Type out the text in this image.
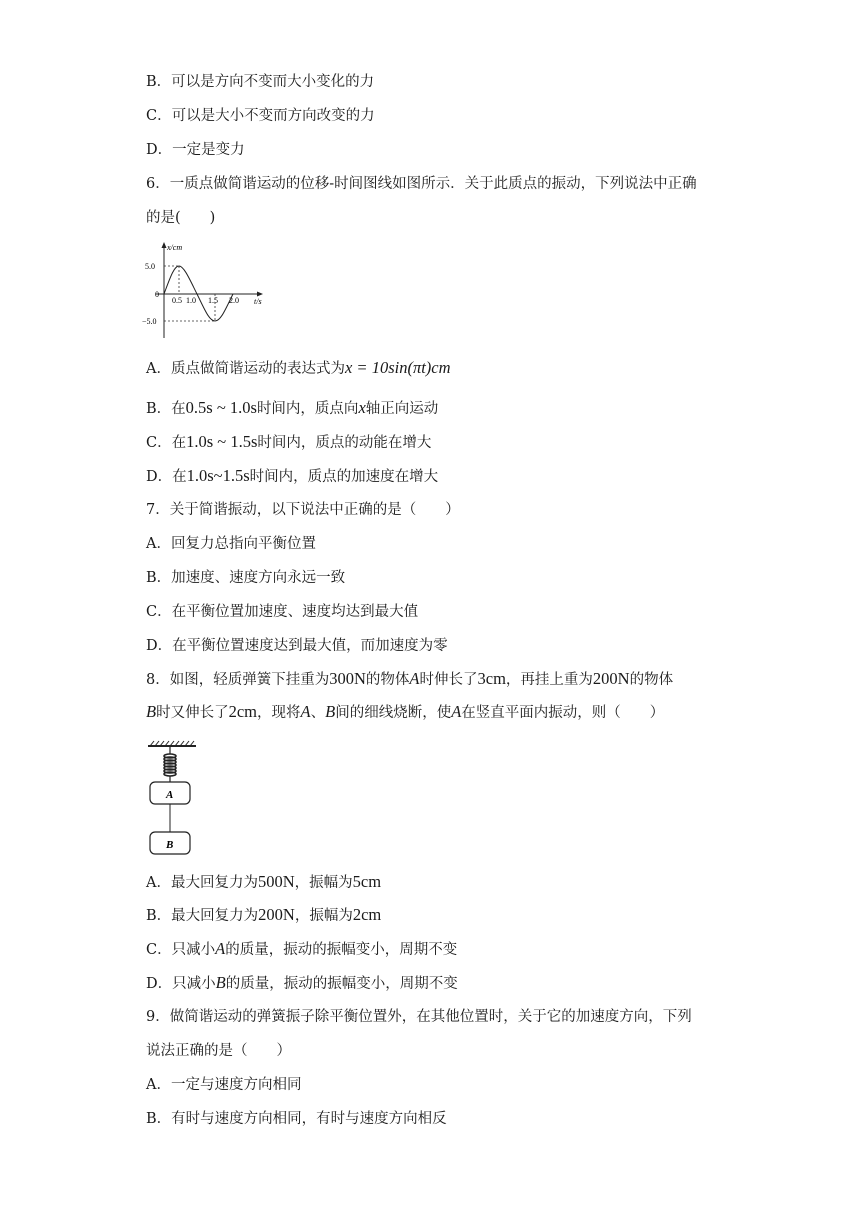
B．可以是方向不变而大小变化的力
C．可以是大小不变而方向改变的力
D．一定是变力
6．一质点做简谐运动的位移-时间图线如图所示．关于此质点的振动，下列说法中正确
的是(　　)
x/cm
t/s
5.0
0
−5.0
0.5 1.0 1.5 2.0
A．质点做简谐运动的表达式为x = 10sin(πt)cm
B．在0.5s ~ 1.0s时间内，质点向x轴正向运动
C．在1.0s ~ 1.5s时间内，质点的动能在增大
D．在1.0s~1.5s时间内，质点的加速度在增大
7．关于简谐振动，以下说法中正确的是（　　）
A．回复力总指向平衡位置
B．加速度、速度方向永远一致
C．在平衡位置加速度、速度均达到最大值
D．在平衡位置速度达到最大值，而加速度为零
8．如图，轻质弹簧下挂重为300N的物体A时伸长了3cm，再挂上重为200N的物体
B时又伸长了2cm，现将A、B间的细线烧断，使A在竖直平面内振动，则（　　）
A
B
A．最大回复力为500N，振幅为5cm
B．最大回复力为200N，振幅为2cm
C．只减小A的质量，振动的振幅变小，周期不变
D．只减小B的质量，振动的振幅变小，周期不变
9．做简谐运动的弹簧振子除平衡位置外，在其他位置时，关于它的加速度方向，下列
说法正确的是（　　）
A．一定与速度方向相同
B．有时与速度方向相同，有时与速度方向相反
